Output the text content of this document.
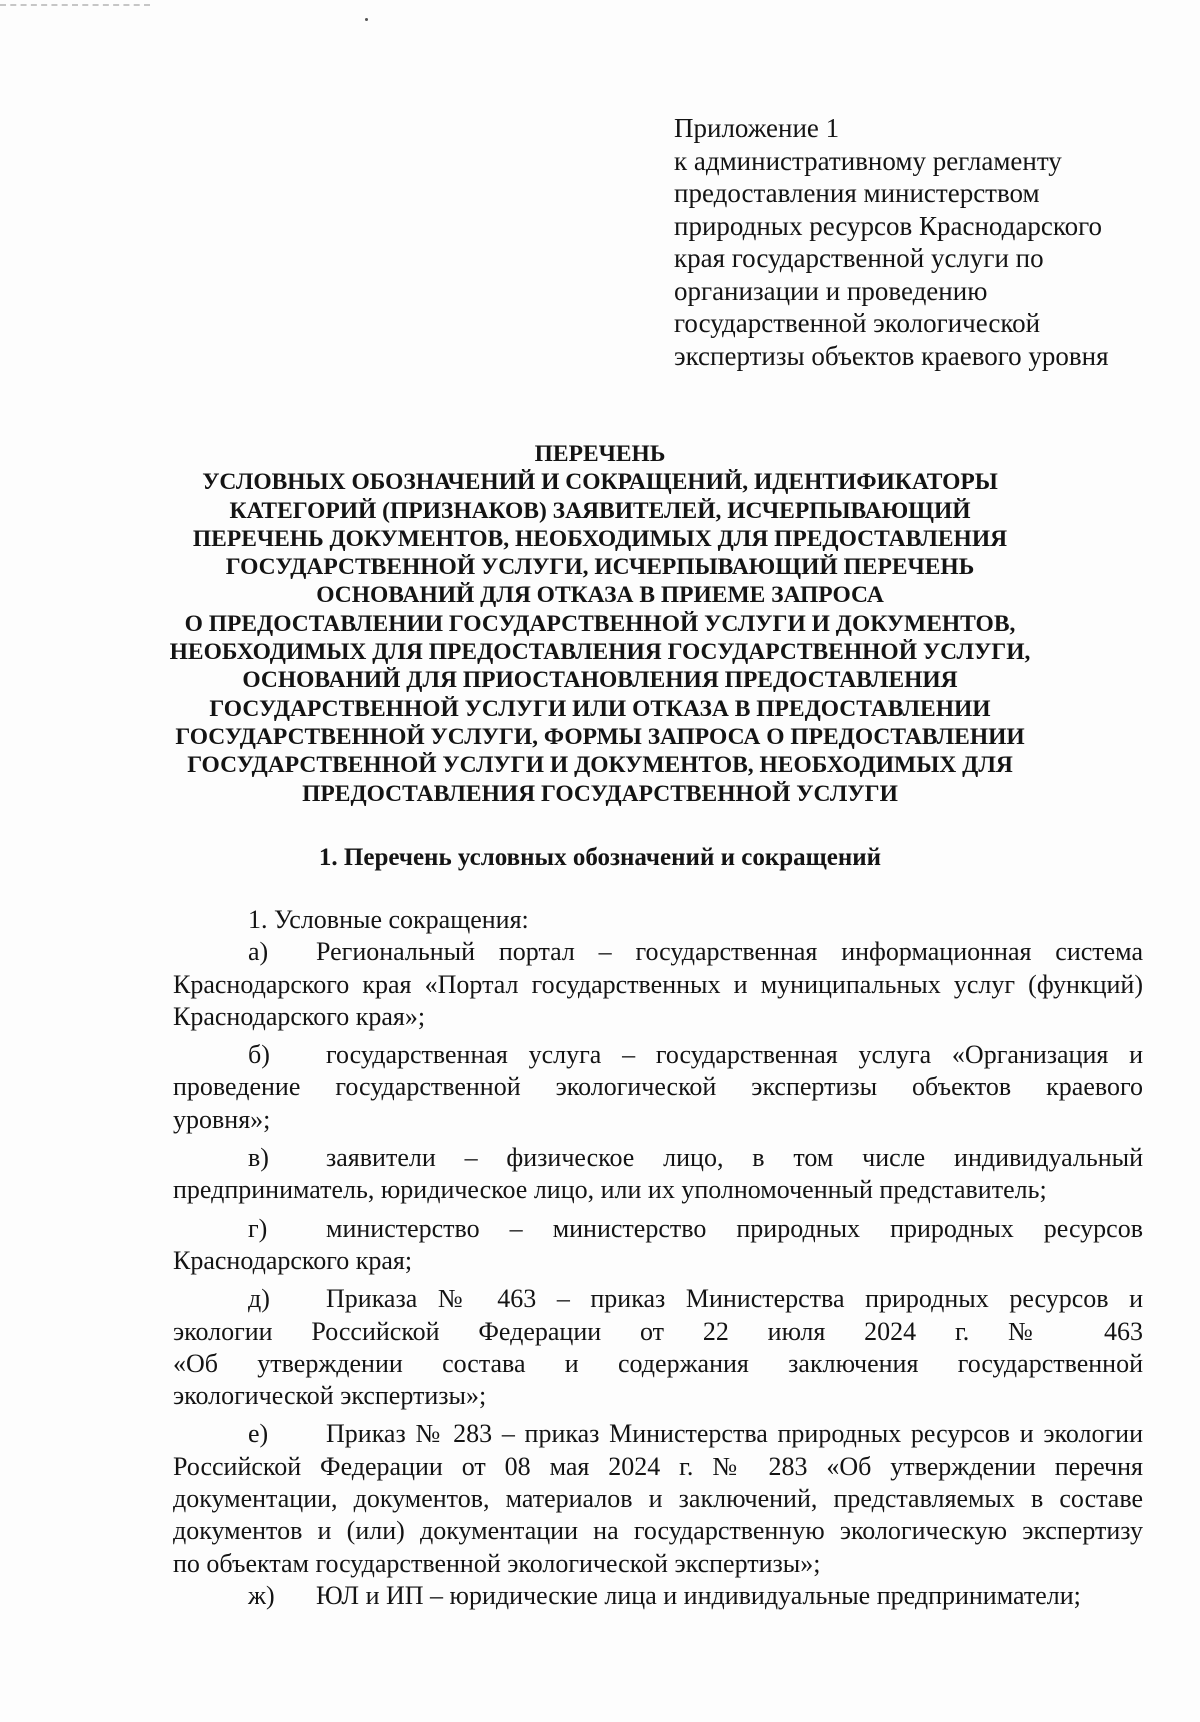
Приложение 1
к административному регламенту
предоставления министерством
природных ресурсов Краснодарского
края государственной услуги по
организации и проведению
государственной экологической
экспертизы объектов краевого уровня
ПЕРЕЧЕНЬ
УСЛОВНЫХ ОБОЗНАЧЕНИЙ И СОКРАЩЕНИЙ, ИДЕНТИФИКАТОРЫ
КАТЕГОРИЙ (ПРИЗНАКОВ) ЗАЯВИТЕЛЕЙ, ИСЧЕРПЫВАЮЩИЙ
ПЕРЕЧЕНЬ ДОКУМЕНТОВ, НЕОБХОДИМЫХ ДЛЯ ПРЕДОСТАВЛЕНИЯ
ГОСУДАРСТВЕННОЙ УСЛУГИ, ИСЧЕРПЫВАЮЩИЙ ПЕРЕЧЕНЬ
ОСНОВАНИЙ ДЛЯ ОТКАЗА В ПРИЕМЕ ЗАПРОСА
О ПРЕДОСТАВЛЕНИИ ГОСУДАРСТВЕННОЙ УСЛУГИ И ДОКУМЕНТОВ,
НЕОБХОДИМЫХ ДЛЯ ПРЕДОСТАВЛЕНИЯ ГОСУДАРСТВЕННОЙ УСЛУГИ,
ОСНОВАНИЙ ДЛЯ ПРИОСТАНОВЛЕНИЯ ПРЕДОСТАВЛЕНИЯ
ГОСУДАРСТВЕННОЙ УСЛУГИ ИЛИ ОТКАЗА В ПРЕДОСТАВЛЕНИИ
ГОСУДАРСТВЕННОЙ УСЛУГИ, ФОРМЫ ЗАПРОСА О ПРЕДОСТАВЛЕНИИ
ГОСУДАРСТВЕННОЙ УСЛУГИ И ДОКУМЕНТОВ, НЕОБХОДИМЫХ ДЛЯ
ПРЕДОСТАВЛЕНИЯ ГОСУДАРСТВЕННОЙ УСЛУГИ
1. Перечень условных обозначений и сокращений
1. Условные сокращения:
а) Региональный портал – государственная информационная система
Краснодарского края «Портал государственных и муниципальных услуг (функций)
Краснодарского края»;
б) государственная услуга – государственная услуга «Организация и
проведение государственной экологической экспертизы объектов краевого
уровня»;
в) заявители – физическое лицо, в том числе индивидуальный
предприниматель, юридическое лицо, или их уполномоченный представитель;
г) министерство – министерство природных природных ресурсов
Краснодарского края;
д) Приказа № 463 – приказ Министерства природных ресурсов и
экологии Российской Федерации от 22 июля 2024 г. № 463
«Об утверждении состава и содержания заключения государственной
экологической экспертизы»;
е) Приказ № 283 – приказ Министерства природных ресурсов и экологии
Российской Федерации от 08 мая 2024 г. № 283 «Об утверждении перечня
документации, документов, материалов и заключений, представляемых в составе
документов и (или) документации на государственную экологическую экспертизу
по объектам государственной экологической экспертизы»;
ж) ЮЛ и ИП – юридические лица и индивидуальные предприниматели;
